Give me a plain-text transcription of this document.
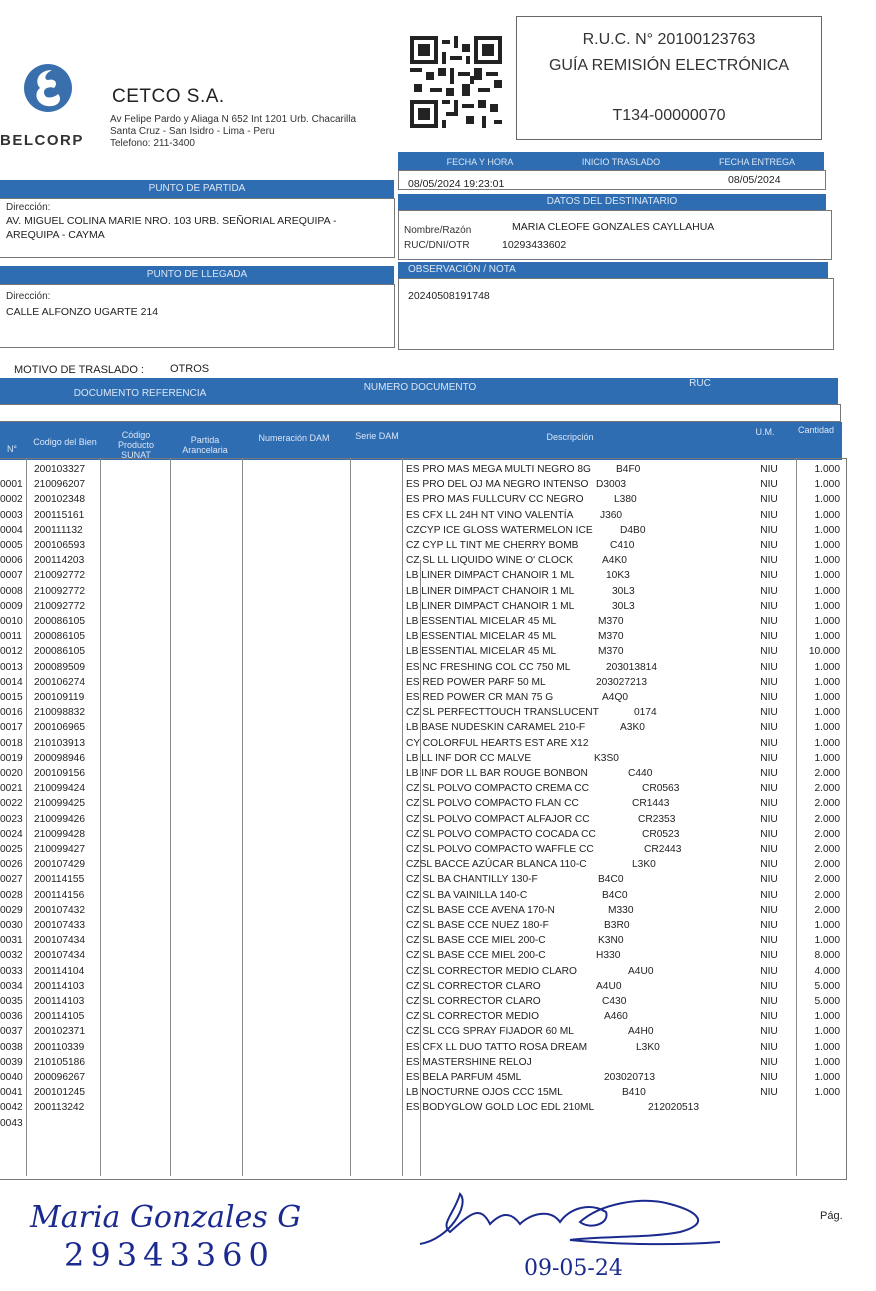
BELCORP
CETCO S.A.
Av Felipe Pardo y Aliaga N 652 Int 1201 Urb. Chacarilla
Santa Cruz - San Isidro - Lima - Peru
Telefono: 211-3400
R.U.C. N° 20100123763
GUÍA REMISIÓN ELECTRÓNICA
T134-00000070
FECHA Y HORA	INICIO TRASLADO	FECHA ENTREGA
08/05/2024 19:23:01	08/05/2024
PUNTO DE PARTIDA
Dirección:
AV. MIGUEL COLINA MARIE NRO. 103 URB. SEÑORIAL AREQUIPA -
AREQUIPA - CAYMA
DATOS DEL DESTINATARIO
Nombre/Razón	MARIA CLEOFE GONZALES CAYLLAHUA
RUC/DNI/OTR	10293433602
PUNTO DE LLEGADA
Dirección:
CALLE ALFONZO UGARTE 214
OBSERVACIÓN / NOTA
20240508191748
MOTIVO DE TRASLADO : OTROS
DOCUMENTO REFERENCIA
NUMERO DOCUMENTO	RUC
N°
Codigo del Bien
Código Producto SUNAT
Partida Arancelaria
Numeración DAM	Serie DAM	Descripción	U.M.	Cantidad
200103327	ES PRO MAS MEGA MULTI NEGRO 8G B4F0	NIU	1.000
0001	210096207	ES PRO DEL OJ MA NEGRO INTENSO D3003	NIU	1.000
0002	200102348	ES PRO MAS FULLCURV CC NEGRO	L380	NIU	1.000
0003	200115161	ES CFX LL 24H NT VINO VALENTÍA	J360	NIU	1.000
0004	200111132	CZCYP ICE GLOSS WATERMELON ICE	D4B0	NIU	1.000
0005	200106593	CZ CYP LL TINT ME CHERRY BOMB	C410	NIU	1.000
0006	200114203	CZ SL LL LIQUIDO WINE O' CLOCK	A4K0	NIU	1.000
0007	210092772	LB LINER DIMPACT CHANOIR 1 ML	10K3	NIU	1.000
0008	210092772	LB LINER DIMPACT CHANOIR 1 ML	30L3	NIU	1.000
0009	210092772	LB LINER DIMPACT CHANOIR 1 ML	30L3	NIU	1.000
0010	200086105	LB ESSENTIAL MICELAR 45 ML	M370	NIU	1.000
0011	200086105	LB ESSENTIAL MICELAR 45 ML	M370	NIU	1.000
0012	200086105	LB ESSENTIAL MICELAR 45 ML	M370	NIU	10.000
0013	200089509	ES NC FRESHING COL CC 750 ML	203013814	NIU	1.000
0014	200106274	ES RED POWER PARF 50 ML	203027213	NIU	1.000
0015	200109119	ES RED POWER CR MAN 75 G	A4Q0	NIU	1.000
0016	210098832	CZ SL PERFECTTOUCH TRANSLUCENT	0174	NIU	1.000
0017	200106965	LB BASE NUDESKIN CARAMEL 210-F	A3K0	NIU	1.000
0018	210103913	CY COLORFUL HEARTS EST ARE X12	NIU	1.000
0019	200098946	LB LL INF DOR CC MALVE	K3S0	NIU	1.000
0020	200109156	LB INF DOR LL BAR ROUGE BONBON	C440	NIU	2.000
0021	210099424	CZ SL POLVO COMPACTO CREMA CC	CR0563	NIU	2.000
0022	210099425	CZ SL POLVO COMPACTO FLAN CC	CR1443	NIU	2.000
0023	210099426	CZ SL POLVO COMPACT ALFAJOR CC	CR2353	NIU	2.000
0024	210099428	CZ SL POLVO COMPACTO COCADA CC	CR0523	NIU	2.000
0025	210099427	CZ SL POLVO COMPACTO WAFFLE CC	CR2443	NIU	2.000
0026	200107429	CZSL BACCE AZÚCAR BLANCA 110-C	L3K0	NIU	2.000
0027	200114155	CZ SL BA CHANTILLY 130-F	B4C0	NIU	2.000
0028	200114156	CZ SL BA VAINILLA 140-C	B4C0	NIU	2.000
0029	200107432	CZ SL BASE CCE AVENA 170-N	M330	NIU	2.000
0030	200107433	CZ SL BASE CCE NUEZ 180-F	B3R0	NIU	1.000
0031	200107434	CZ SL BASE CCE MIEL 200-C	K3N0	NIU	1.000
0032	200107434	CZ SL BASE CCE MIEL 200-C	H330	NIU	8.000
0033	200114104	CZ SL CORRECTOR MEDIO CLARO	A4U0	NIU	4.000
0034	200114103	CZ SL CORRECTOR CLARO	A4U0	NIU	5.000
0035	200114103	CZ SL CORRECTOR CLARO	C430	NIU	5.000
0036	200114105	CZ SL CORRECTOR MEDIO	A460	NIU	1.000
0037	200102371	CZ SL CCG SPRAY FIJADOR 60 ML	A4H0	NIU	1.000
0038	200110339	ES CFX LL DUO TATTO ROSA DREAM	L3K0	NIU	1.000
0039	210105186	ES MASTERSHINE RELOJ	NIU	1.000
0040	200096267	ES BELA PARFUM 45ML	203020713	NIU	1.000
0041	200101245	LB NOCTURNE OJOS CCC 15ML	B410	NIU	1.000
0042	200113242	ES BODYGLOW GOLD LOC EDL 210ML	212020513
0043
Pág.
Maria Gonzales G
29343360	09-05-24
